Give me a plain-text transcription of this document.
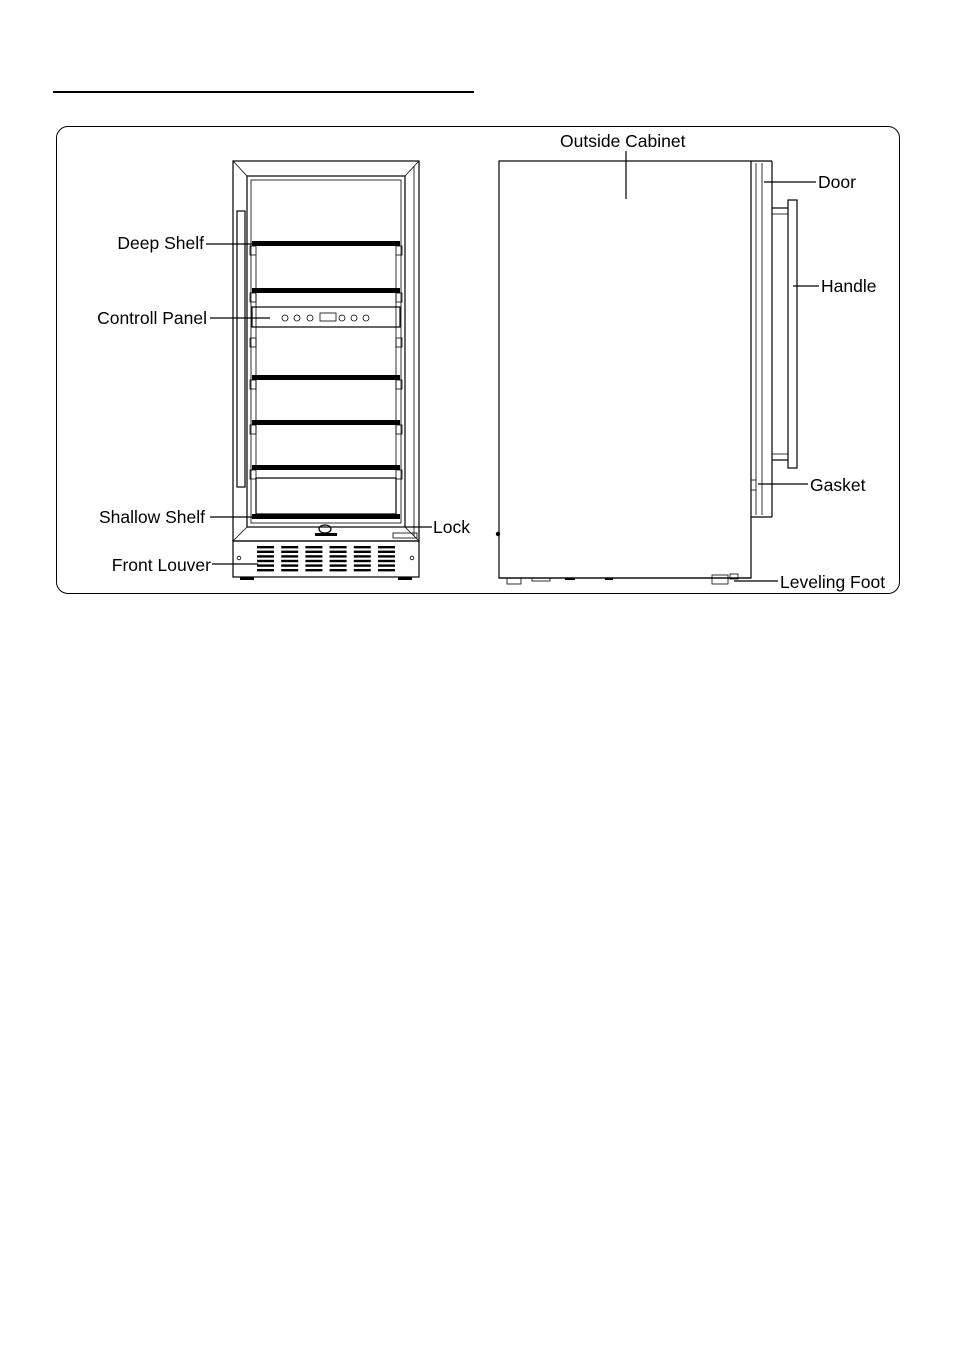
Outside Cabinet
Door
Handle
Gasket
Leveling Foot
Deep Shelf
Controll Panel
Shallow Shelf
Front Louver
Lock
